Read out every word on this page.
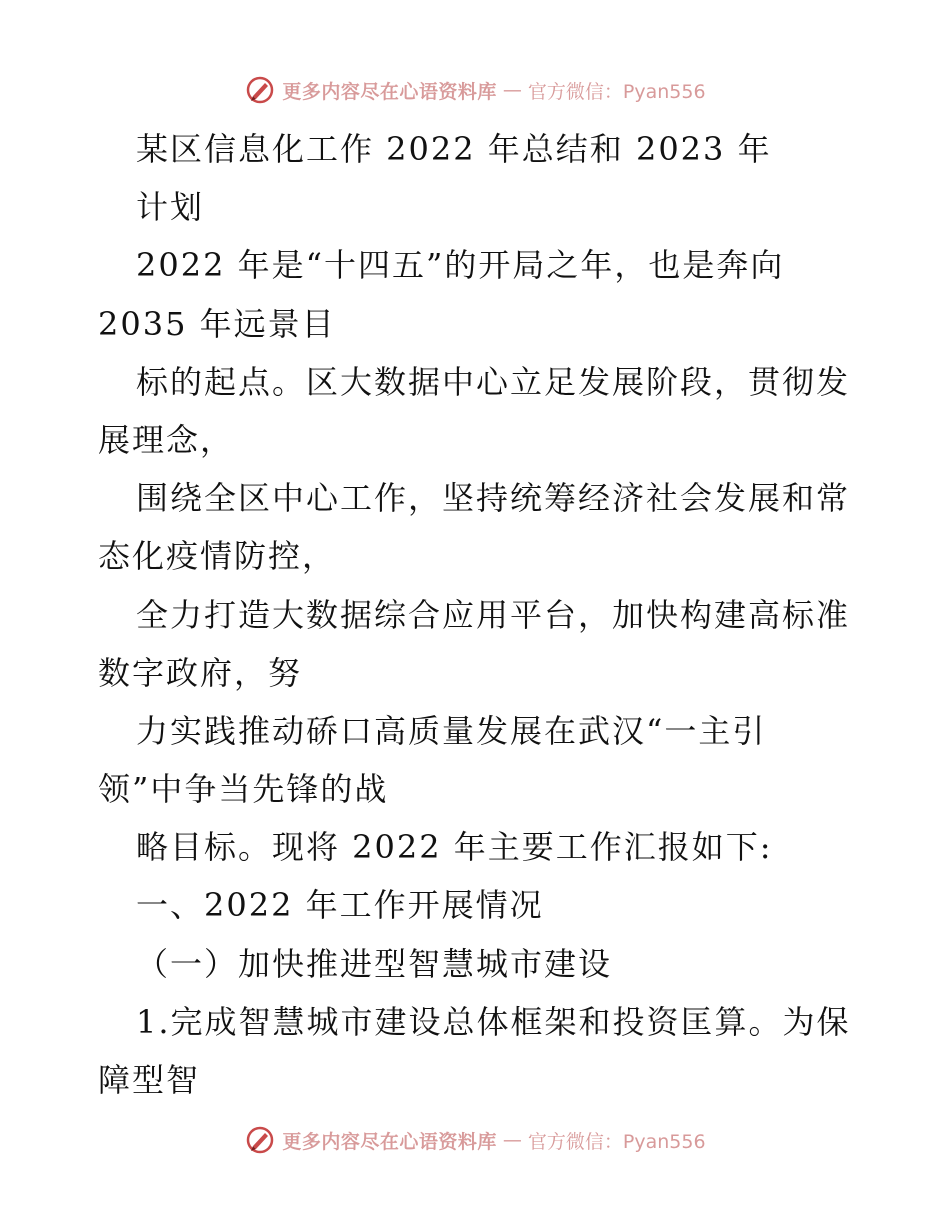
更多内容尽在心语资料库 — 官方微信：Pyan556
某区信息化工作 2022 年总结和 2023 年
计划
2022 年是“十四五”的开局之年，也是奔向
2035 年远景目
标的起点。区大数据中心立足发展阶段，贯彻发
展理念，
围绕全区中心工作，坚持统筹经济社会发展和常
态化疫情防控，
全力打造大数据综合应用平台，加快构建高标准
数字政府，努
力实践推动硚口高质量发展在武汉“一主引
领”中争当先锋的战
略目标。现将 2022 年主要工作汇报如下:
一、2022 年工作开展情况
（一）加快推进型智慧城市建设
1.完成智慧城市建设总体框架和投资匡算。为保
障型智
更多内容尽在心语资料库 — 官方微信：Pyan556
